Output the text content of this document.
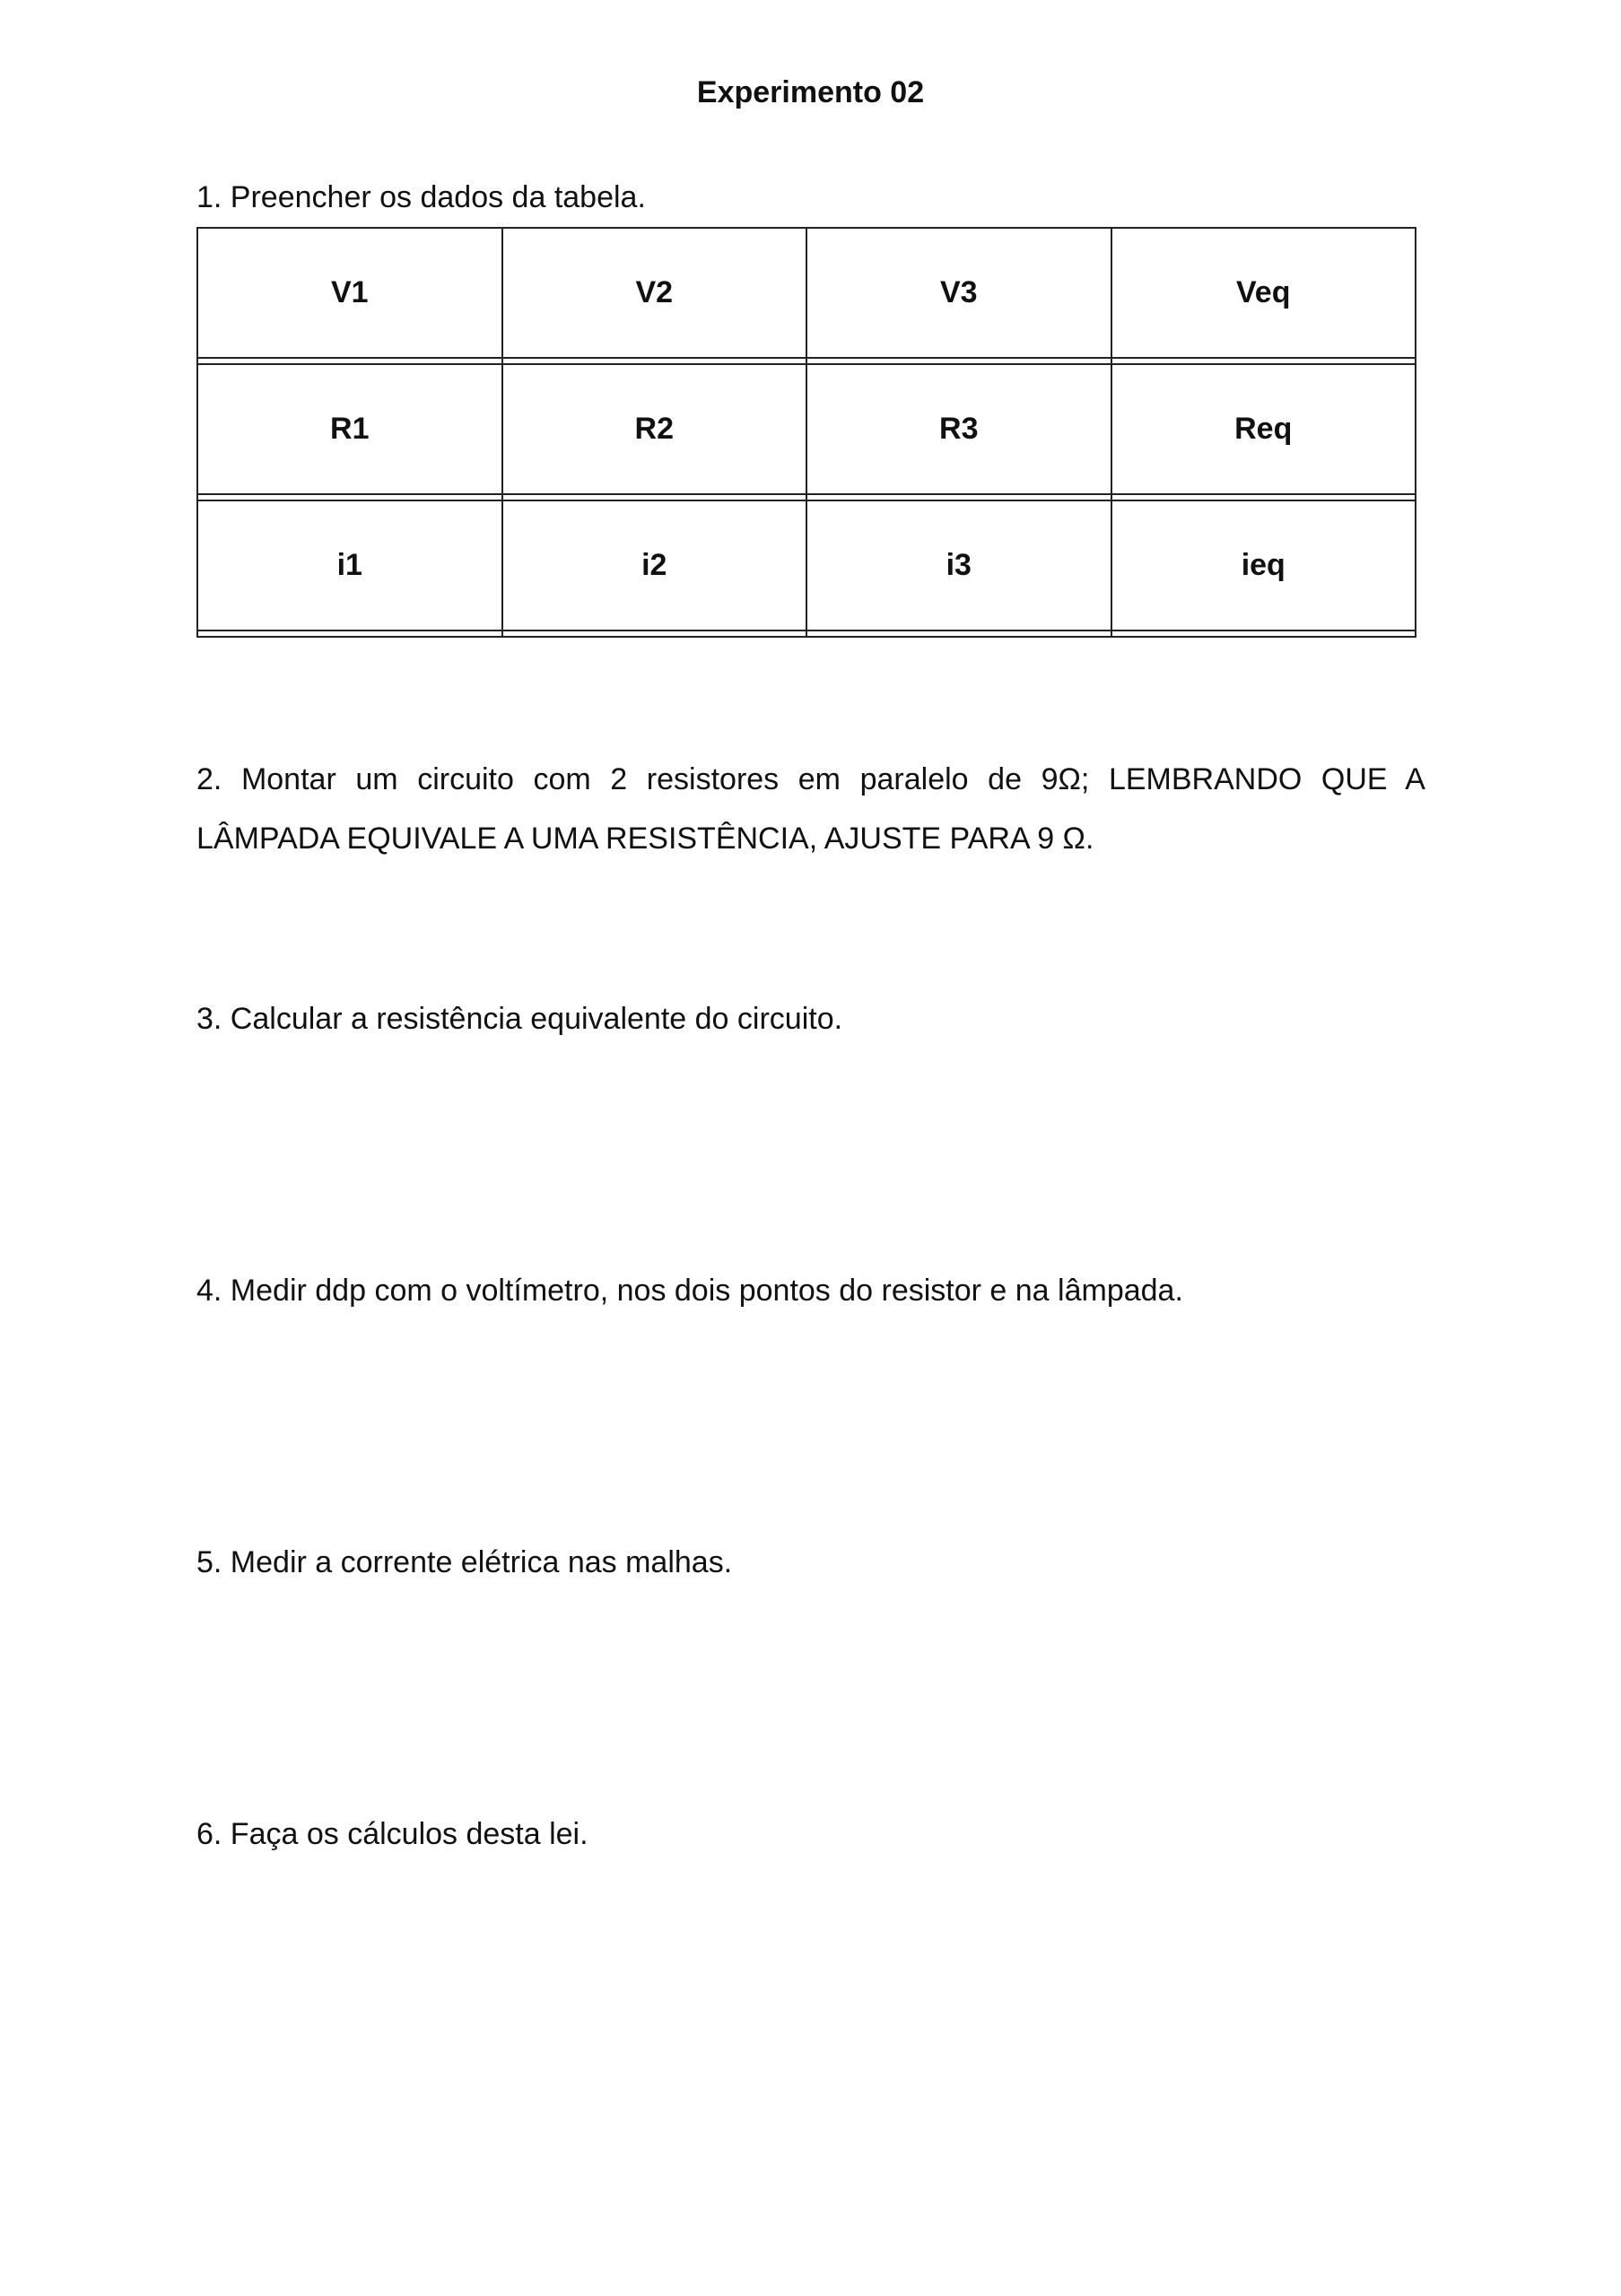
Experimento 02
1. Preencher os dados da tabela.
V1	V2	V3	Veq

R1	R2	R3	Req

i1	i2	i3	ieq

2. Montar um circuito com 2 resistores em paralelo de 9Ω; LEMBRANDO QUE A LÂMPADA EQUIVALE A UMA RESISTÊNCIA, AJUSTE PARA 9 Ω.
3. Calcular a resistência equivalente do circuito.
4. Medir ddp com o voltímetro, nos dois pontos do resistor e na lâmpada.
5. Medir a corrente elétrica nas malhas.
6. Faça os cálculos desta lei.
